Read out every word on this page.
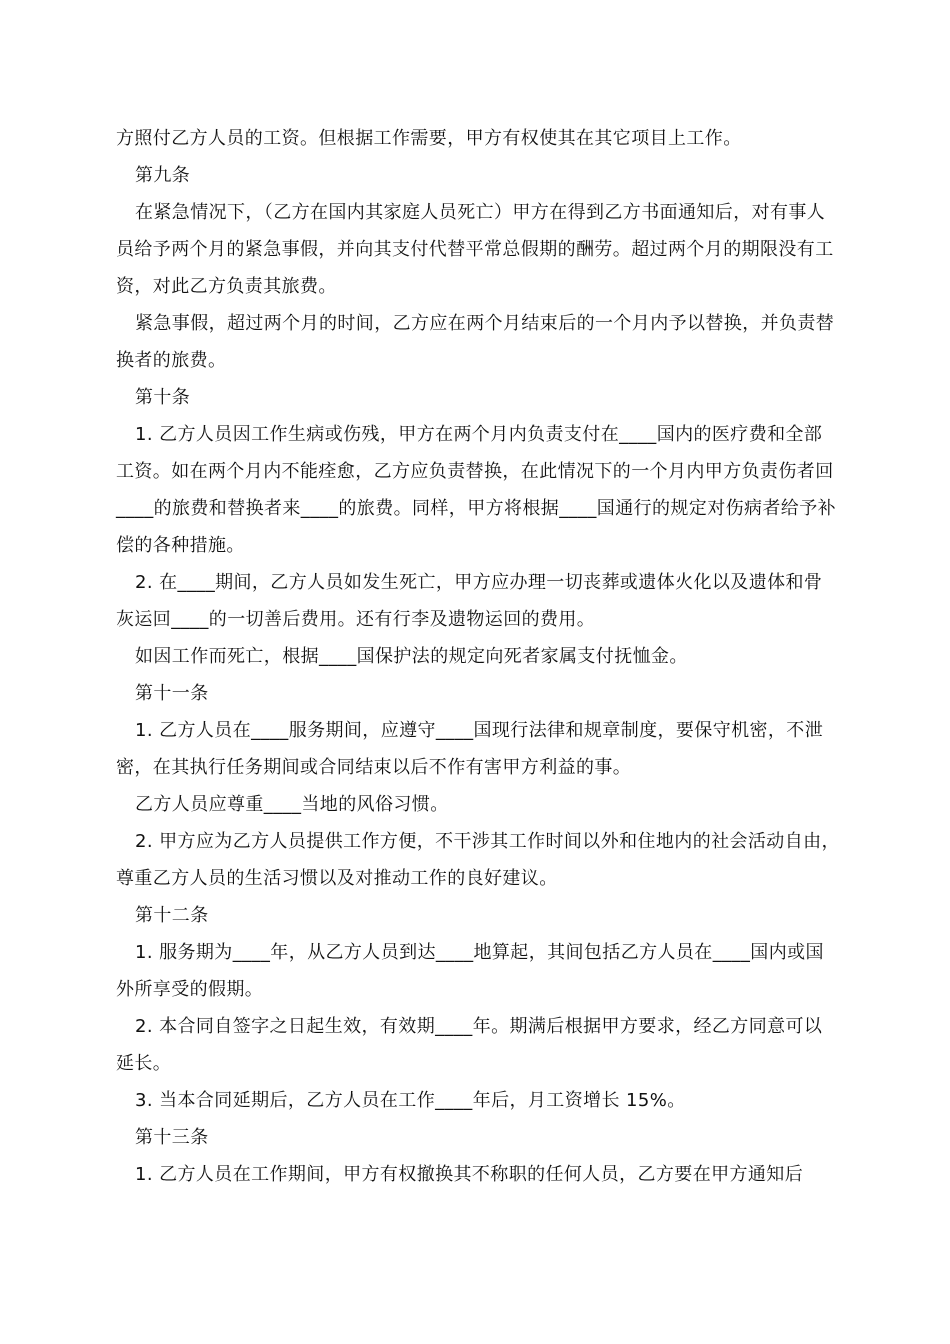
方照付乙方人员的工资。但根据工作需要，甲方有权使其在其它项目上工作。

第九条

在紧急情况下，（乙方在国内其家庭人员死亡）甲方在得到乙方书面通知后，对有事人员给予两个月的紧急事假，并向其支付代替平常总假期的酬劳。超过两个月的期限没有工资，对此乙方负责其旅费。

紧急事假，超过两个月的时间，乙方应在两个月结束后的一个月内予以替换，并负责替换者的旅费。

第十条

1. 乙方人员因工作生病或伤残，甲方在两个月内负责支付在____国内的医疗费和全部工资。如在两个月内不能痊愈，乙方应负责替换，在此情况下的一个月内甲方负责伤者回____的旅费和替换者来____的旅费。同样，甲方将根据____国通行的规定对伤病者给予补偿的各种措施。

2. 在____期间，乙方人员如发生死亡，甲方应办理一切丧葬或遗体火化以及遗体和骨灰运回____的一切善后费用。还有行李及遗物运回的费用。

如因工作而死亡，根据____国保护法的规定向死者家属支付抚恤金。

第十一条

1. 乙方人员在____服务期间，应遵守____国现行法律和规章制度，要保守机密，不泄密，在其执行任务期间或合同结束以后不作有害甲方利益的事。

乙方人员应尊重____当地的风俗习惯。

2. 甲方应为乙方人员提供工作方便，不干涉其工作时间以外和住地内的社会活动自由，尊重乙方人员的生活习惯以及对推动工作的良好建议。

第十二条

1. 服务期为____年，从乙方人员到达____地算起，其间包括乙方人员在____国内或国外所享受的假期。

2. 本合同自签字之日起生效，有效期____年。期满后根据甲方要求，经乙方同意可以延长。

3. 当本合同延期后，乙方人员在工作____年后，月工资增长 15%。

第十三条

1. 乙方人员在工作期间，甲方有权撤换其不称职的任何人员，乙方要在甲方通知后
